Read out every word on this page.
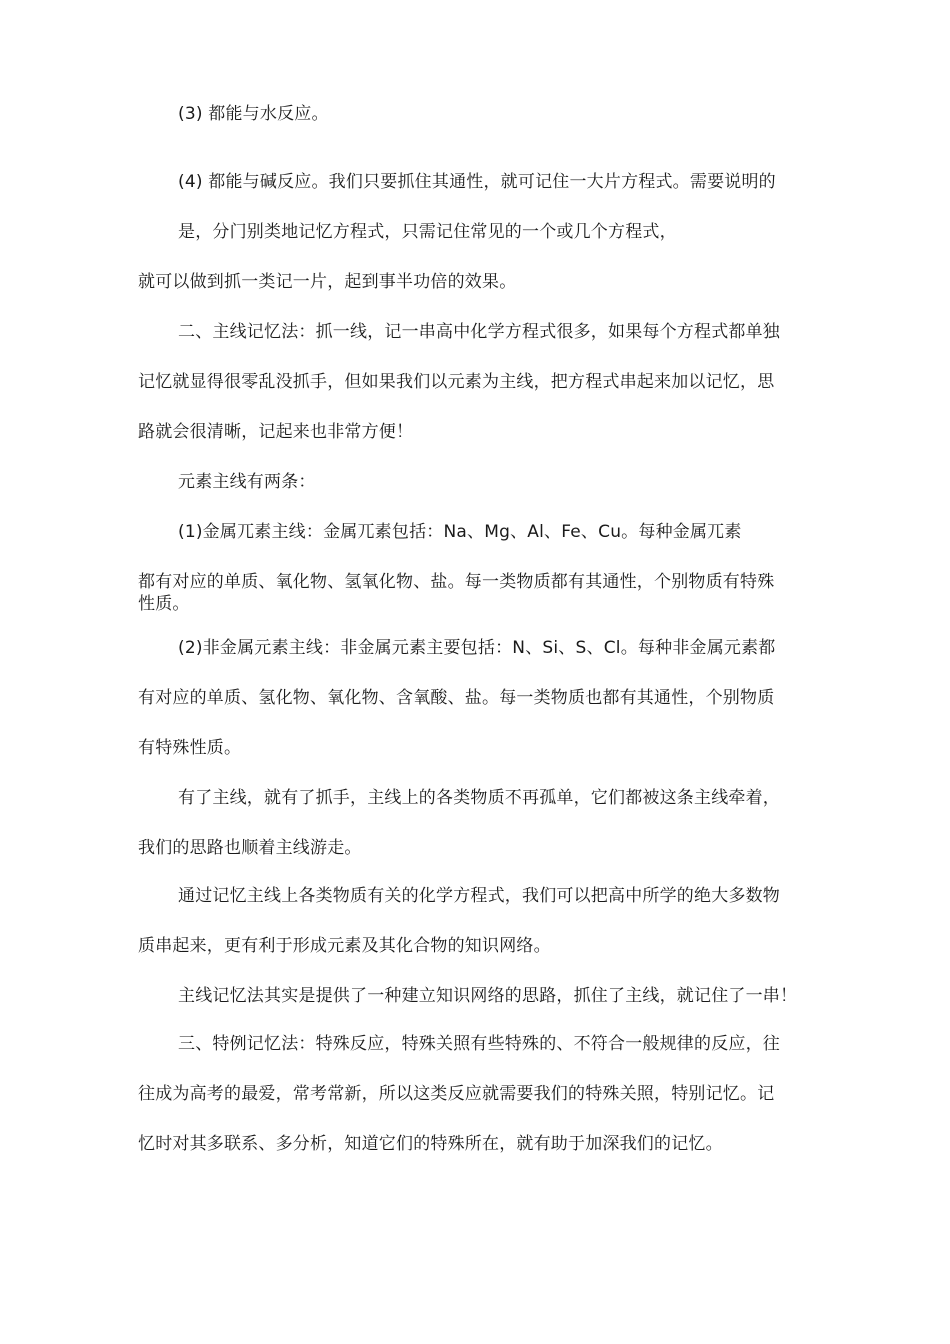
(3) 都能与水反应。
(4) 都能与碱反应。我们只要抓住其通性，就可记住一大片方程式。需要说明的
是，分门别类地记忆方程式，只需记住常见的一个或几个方程式，
就可以做到抓一类记一片，起到事半功倍的效果。
二、主线记忆法：抓一线，记一串高中化学方程式很多，如果每个方程式都单独
记忆就显得很零乱没抓手，但如果我们以元素为主线，把方程式串起来加以记忆，思
路就会很清晰，记起来也非常方便！
元素主线有两条：
(1)金属兀素主线：金属兀素包括：Na、Mg、Al、Fe、Cu。每种金属兀素
都有对应的单质、氧化物、氢氧化物、盐。每一类物质都有其通性，个别物质有特殊
性质。
(2)非金属元素主线：非金属元素主要包括：N、Si、S、Cl。每种非金属元素都
有对应的单质、氢化物、氧化物、含氧酸、盐。每一类物质也都有其通性，个别物质
有特殊性质。
有了主线，就有了抓手，主线上的各类物质不再孤单，它们都被这条主线牵着，
我们的思路也顺着主线游走。
通过记忆主线上各类物质有关的化学方程式，我们可以把高中所学的绝大多数物
质串起来，更有利于形成元素及其化合物的知识网络。
主线记忆法其实是提供了一种建立知识网络的思路，抓住了主线，就记住了一串！
三、特例记忆法：特殊反应，特殊关照有些特殊的、不符合一般规律的反应，往
往成为高考的最爱，常考常新，所以这类反应就需要我们的特殊关照，特别记忆。记
忆时对其多联系、多分析，知道它们的特殊所在，就有助于加深我们的记忆。
